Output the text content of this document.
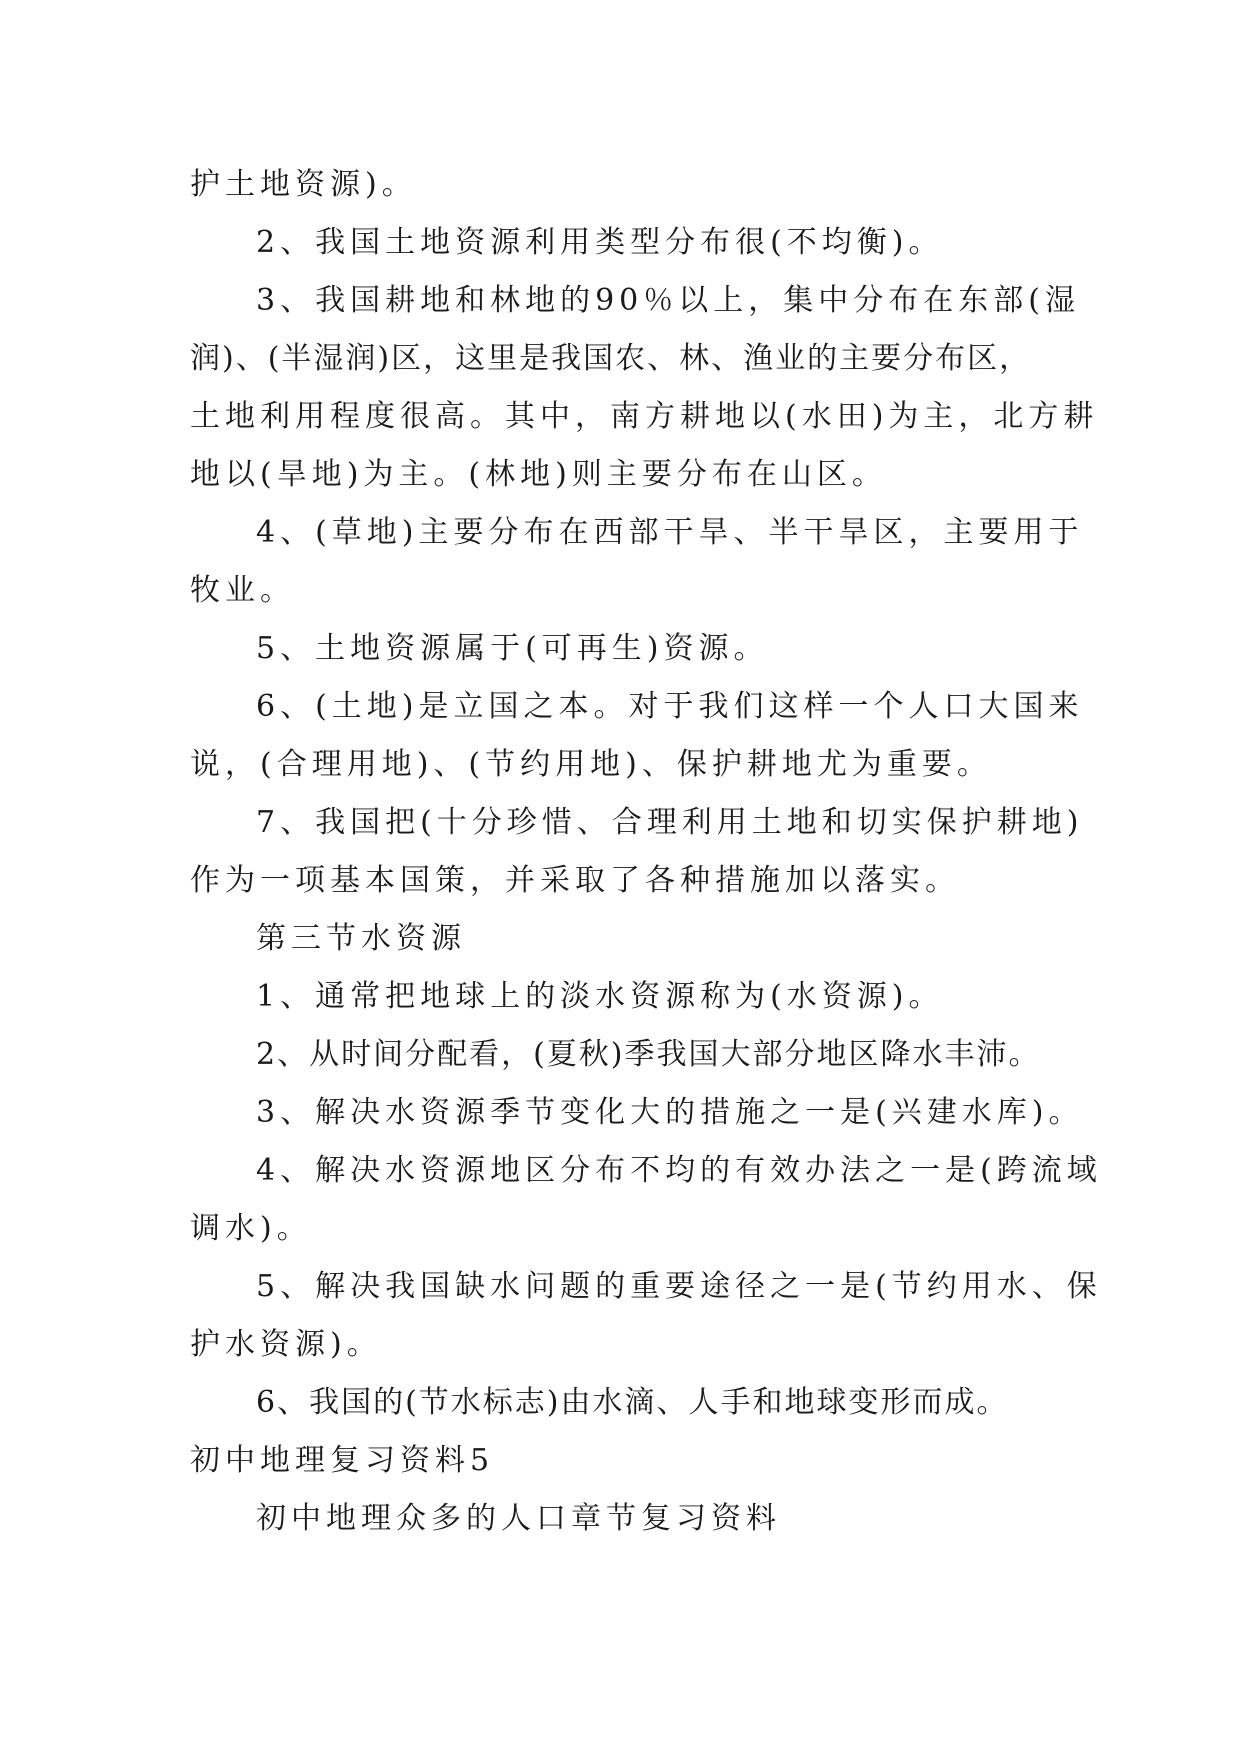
护土地资源)。
2、我国土地资源利用类型分布很(不均衡)。
3、我国耕地和林地的90％以上，集中分布在东部(湿
润)、(半湿润)区，这里是我国农、林、渔业的主要分布区，
土地利用程度很高。其中，南方耕地以(水田)为主，北方耕
地以(旱地)为主。(林地)则主要分布在山区。
4、(草地)主要分布在西部干旱、半干旱区，主要用于
牧业。
5、土地资源属于(可再生)资源。
6、(土地)是立国之本。对于我们这样一个人口大国来
说，(合理用地)、(节约用地)、保护耕地尤为重要。
7、我国把(十分珍惜、合理利用土地和切实保护耕地)
作为一项基本国策，并采取了各种措施加以落实。
第三节水资源
1、通常把地球上的淡水资源称为(水资源)。
2、从时间分配看，(夏秋)季我国大部分地区降水丰沛。
3、解决水资源季节变化大的措施之一是(兴建水库)。
4、解决水资源地区分布不均的有效办法之一是(跨流域
调水)。
5、解决我国缺水问题的重要途径之一是(节约用水、保
护水资源)。
6、我国的(节水标志)由水滴、人手和地球变形而成。
初中地理复习资料5
初中地理众多的人口章节复习资料
